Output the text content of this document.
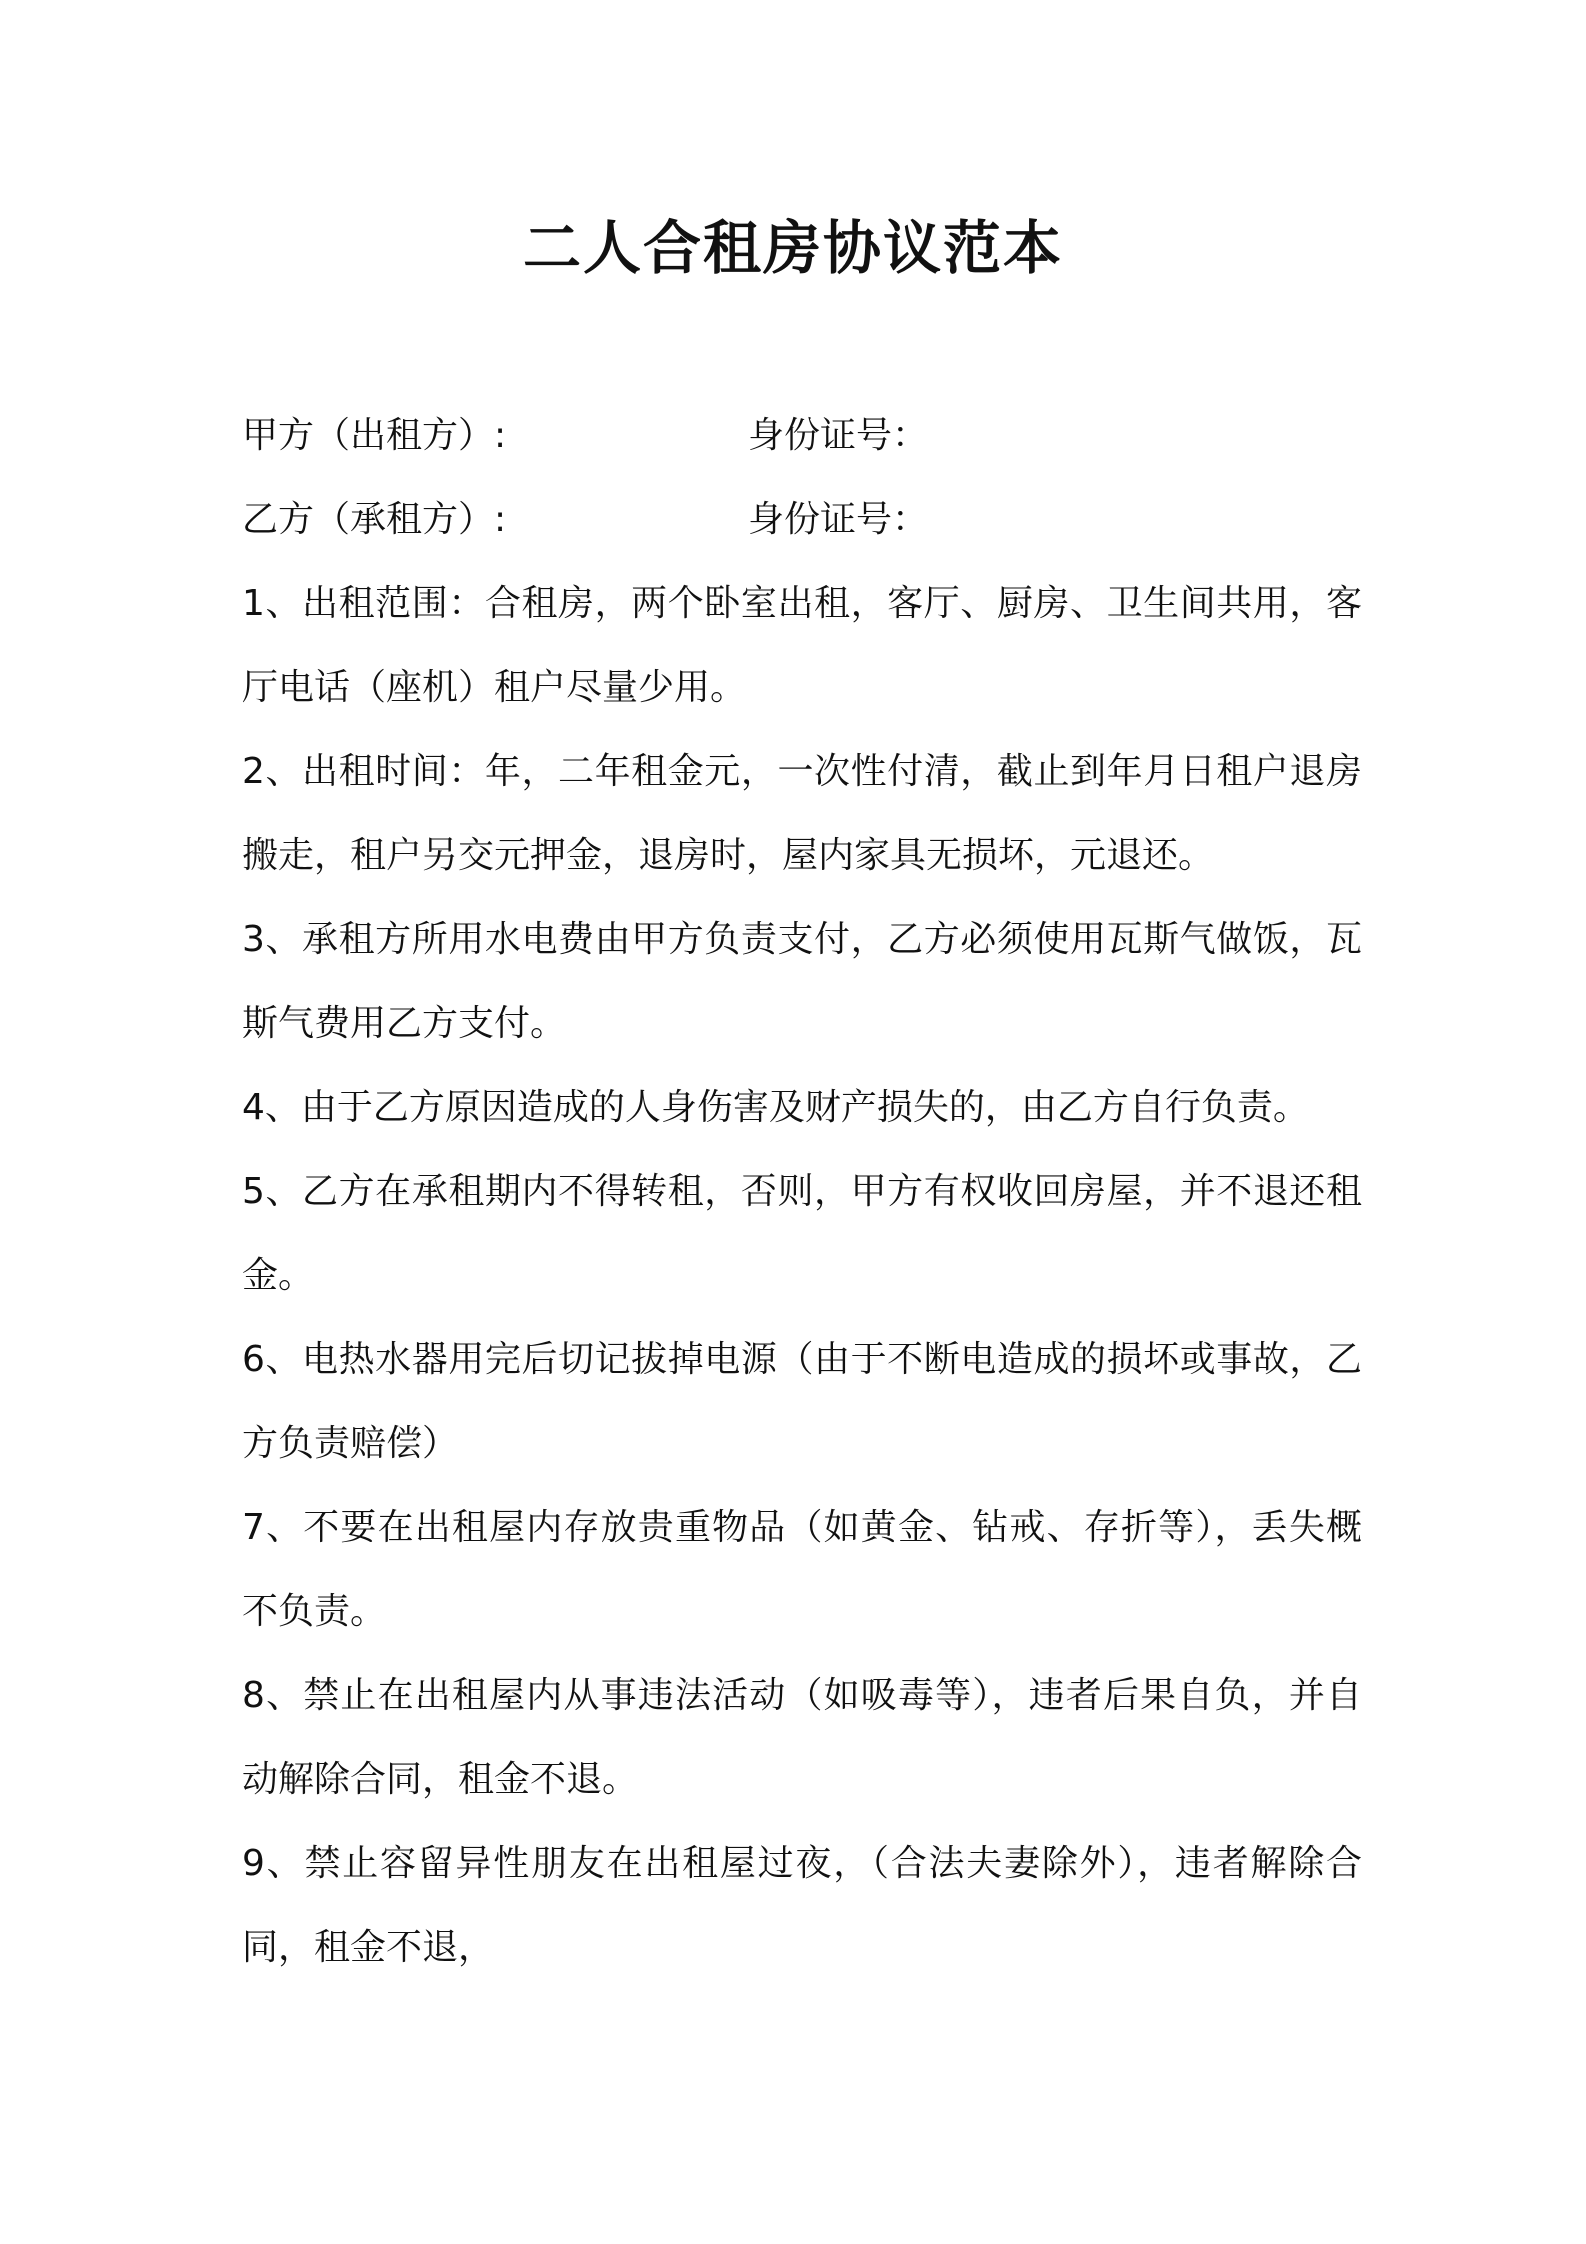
二人合租房协议范本
甲方（出租方）:	身份证号：
乙方（承租方）:	身份证号：
1、出租范围：合租房，两个卧室出租，客厅、厨房、卫生间共用，客厅电话（座机）租户尽量少用。
2、出租时间：年，二年租金元，一次性付清，截止到年月日租户退房搬走，租户另交元押金，退房时，屋内家具无损坏，元退还。
3、承租方所用水电费由甲方负责支付，乙方必须使用瓦斯气做饭，瓦斯气费用乙方支付。
4、由于乙方原因造成的人身伤害及财产损失的，由乙方自行负责。
5、乙方在承租期内不得转租，否则，甲方有权收回房屋，并不退还租金。
6、电热水器用完后切记拔掉电源（由于不断电造成的损坏或事故，乙方负责赔偿）
7、不要在出租屋内存放贵重物品（如黄金、钻戒、存折等），丢失概不负责。
8、禁止在出租屋内从事违法活动（如吸毒等），违者后果自负，并自动解除合同，租金不退。
9、禁止容留异性朋友在出租屋过夜，（合法夫妻除外），违者解除合同，租金不退，
